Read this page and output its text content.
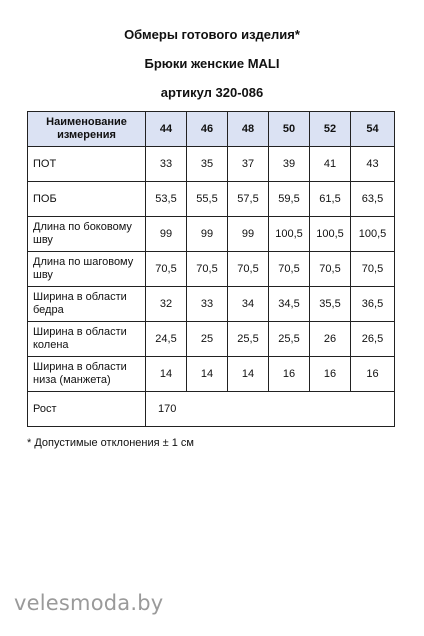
Обмеры готового изделия*
Брюки женские MALI
артикул 320-086
Наименование измерения	44	46	48	50	52	54
ПОТ	33	35	37	39	41	43
ПОБ	53,5	55,5	57,5	59,5	61,5	63,5
Длина по боковому шву	99	99	99	100,5	100,5	100,5
Длина по шаговому шву	70,5	70,5	70,5	70,5	70,5	70,5
Ширина в области бедра	32	33	34	34,5	35,5	36,5
Ширина в области колена	24,5	25	25,5	25,5	26	26,5
Ширина в области низа (манжета)	14	14	14	16	16	16
Рост	170					
* Допустимые отклонения ± 1 см
velesmoda.by
